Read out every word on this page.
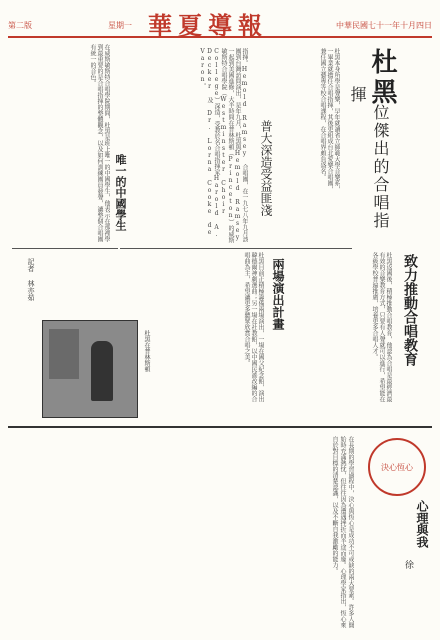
第二版	星期一 華夏導報	中華民國七十一年十月四日
杜黑
一位傑出的合唱指揮
普大深造受益匪淺	杜黑本身所學是聲樂，早年就讀省立師範大學音樂系，一畢業就擔任合唱指揮，其後更組成台北愛樂合唱團，兼任國立藝專等校合唱課程，在合唱界頗負盛名。
指揮。Hemold Ramsey 合唱團，在一九七八年九月該團到台灣訪問演出，是年九月，杜黑與Hemold Ramsey 一起到美國進修，大半時間在普林斯頓（Princeton）的威斯敏斯特合唱學院（Westminster Choir College）深造，受教於名合唱指揮家Harold A. Decker 及 Dr. Lorna Cooke de Varon。
致力推動合唱教育
杜黑返國後，積極推動合唱教育，他認為合唱是最經濟最有效的音樂教育方式，只要有人聲就可以進行，希望能在各級學校普遍推廣，培養更多合唱人才。
兩場演出計畫
杜黑目前正積極籌備兩場演出，一場在國父紀念館，演出韓德爾神劇選曲；另一場在社教館，以中國民謠改編的合唱曲為主，希望讓更多聽眾欣賞合唱之美。
在威斯敏斯特合唱學院期間，杜黑是班上唯一的中國學生，他表示在那裡學到最重要的是合唱指揮的整體觀念，以及如何訓練團員發聲，讓整個合唱團有統一的音色。
唯一的中國學生
杜黑在普林斯頓
記者 林亦茹
決心恆心
心理與我
徐
在長期的學習過程中，決心與恆心是成功不可或缺的兩大要素。許多人開始時充滿熱忱，但往往因為遭遇挫折而半途而廢。心理學家指出，恆心來自於對目標的清楚認識，以及不斷自我激勵的能力。
